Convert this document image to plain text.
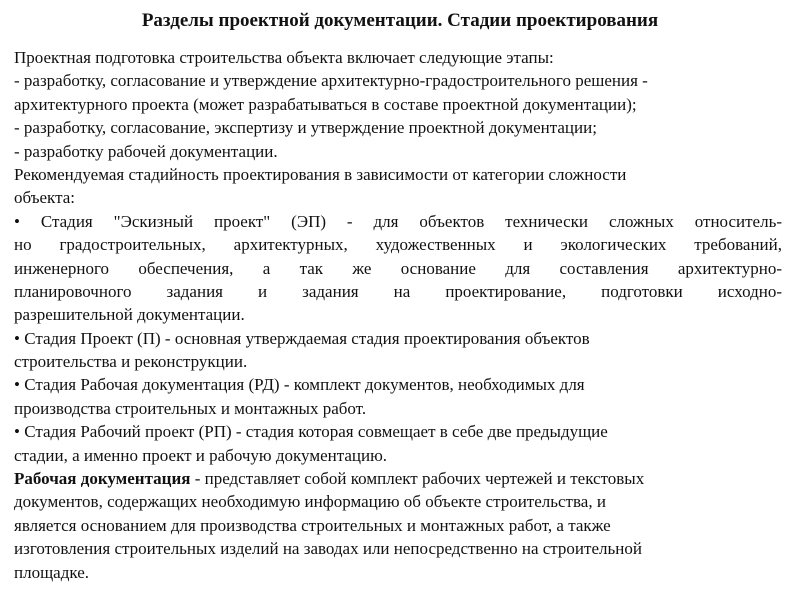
Разделы проектной документации. Стадии проектирования
Проектная подготовка строительства объекта включает следующие этапы:
- разработку, согласование и утверждение архитектурно-градостроительного решения -
архитектурного проекта (может разрабатываться в составе проектной документации);
- разработку, согласование, экспертизу и утверждение проектной документации;
- разработку рабочей документации.
Рекомендуемая стадийность проектирования в зависимости от категории сложности
объекта:
• Стадия "Эскизный проект" (ЭП) - для объектов технически сложных относитель-
но градостроительных, архитектурных, художественных и экологических требований,
инженерного обеспечения, а так же основание для составления архитектурно-
планировочного задания и задания на проектирование, подготовки исходно-
разрешительной документации.
• Стадия Проект (П) - основная утверждаемая стадия проектирования объектов
строительства и реконструкции.
• Стадия Рабочая документация (РД) - комплект документов, необходимых для
производства строительных и монтажных работ.
• Стадия Рабочий проект (РП) - стадия которая совмещает в себе две предыдущие
стадии, а именно проект и рабочую документацию.
Рабочая документация - представляет собой комплект рабочих чертежей и текстовых
документов, содержащих необходимую информацию об объекте строительства, и
является основанием для производства строительных и монтажных работ, а также
изготовления строительных изделий на заводах или непосредственно на строительной
площадке.
